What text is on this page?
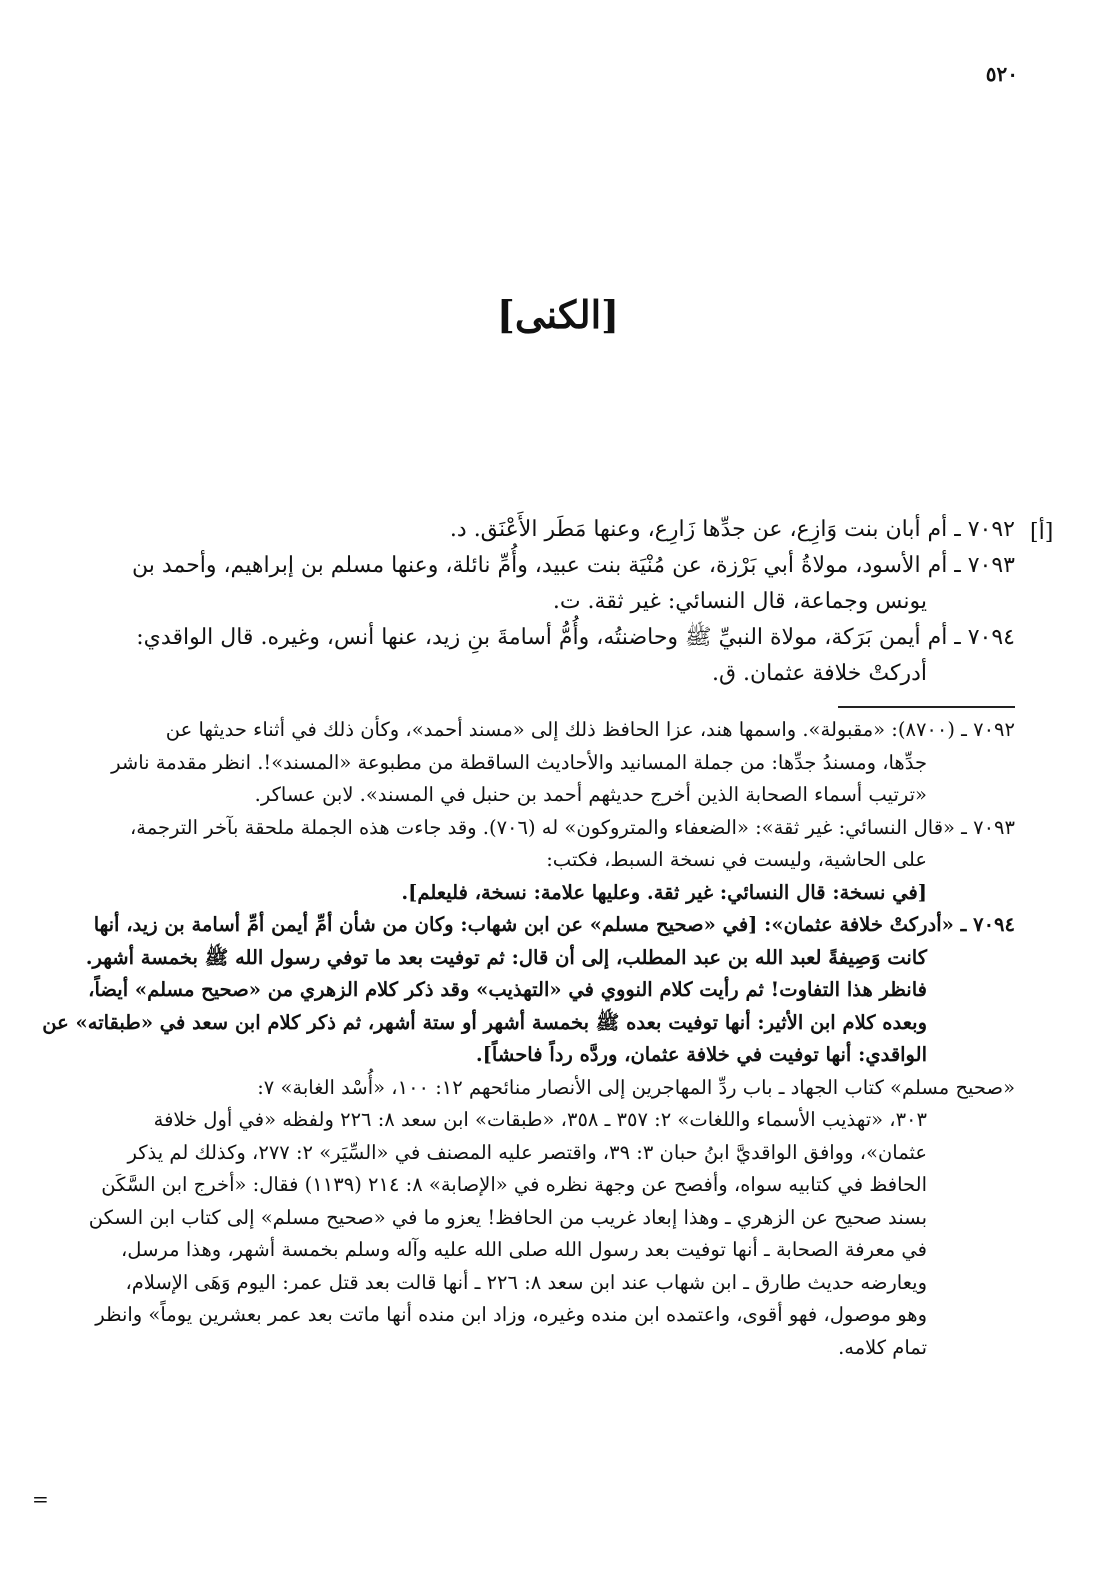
٥٢٠
[الكنى]
[أ]

٧٠٩٢ ـ أم أبان بنت وَازِع، عن جدِّها زَارِع، وعنها مَطَر الأَعْنَق. د.

٧٠٩٣ ـ أم الأسود، مولاةُ أبي بَرْزة، عن مُنْيَة بنت عبيد، وأُمِّ نائلة، وعنها مسلم بن إبراهيم، وأحمد بن

يونس وجماعة، قال النسائي: غير ثقة. ت.

٧٠٩٤ ـ أم أيمن بَرَكة، مولاة النبيِّ ﷺ وحاضنتُه، وأُمُّ أسامةَ بنِ زيد، عنها أنس، وغيره. قال الواقدي:

أدركتْ خلافة عثمان. ق.

٧٠٩٢ ـ (٨٧٠٠): «مقبولة». واسمها هند، عزا الحافظ ذلك إلى «مسند أحمد»، وكأن ذلك في أثناء حديثها عن

جدِّها، ومسندُ جدِّها: من جملة المسانيد والأحاديث الساقطة من مطبوعة «المسند»!. انظر مقدمة ناشر

«ترتيب أسماء الصحابة الذين أخرج حديثهم أحمد بن حنبل في المسند». لابن عساكر.

٧٠٩٣ ـ «قال النسائي: غير ثقة»: «الضعفاء والمتروكون» له (٧٠٦). وقد جاءت هذه الجملة ملحقة بآخر الترجمة،

على الحاشية، وليست في نسخة السبط، فكتب:

[في نسخة: قال النسائي: غير ثقة. وعليها علامة: نسخة، فليعلم].

٧٠٩٤ ـ «أدركتْ خلافة عثمان»: [في «صحيح مسلم» عن ابن شهاب: وكان من شأن أمِّ أيمن أمِّ أسامة بن زيد، أنها

كانت وَصِيفةً لعبد الله بن عبد المطلب، إلى أن قال: ثم توفيت بعد ما توفي رسول الله ﷺ بخمسة أشهر.

فانظر هذا التفاوت! ثم رأيت كلام النووي في «التهذيب» وقد ذكر كلام الزهري من «صحيح مسلم» أيضاً،

وبعده كلام ابن الأثير: أنها توفيت بعده ﷺ بخمسة أشهر أو ستة أشهر، ثم ذكر كلام ابن سعد في «طبقاته» عن

الواقدي: أنها توفيت في خلافة عثمان، وردَّه رداً فاحشاً].

«صحيح مسلم» كتاب الجهاد ـ باب ردِّ المهاجرين إلى الأنصار منائحهم ١٢: ١٠٠، «أُسْد الغابة» ٧:

٣٠٣، «تهذيب الأسماء واللغات» ٢: ٣٥٧ ـ ٣٥٨، «طبقات» ابن سعد ٨: ٢٢٦ ولفظه «في أول خلافة

عثمان»، ووافق الواقديَّ ابنُ حبان ٣: ٣٩، واقتصر عليه المصنف في «السِّيَر» ٢: ٢٧٧، وكذلك لم يذكر

الحافظ في كتابيه سواه، وأفصح عن وجهة نظره في «الإصابة» ٨: ٢١٤ (١١٣٩) فقال: «أخرج ابن السَّكَن

بسند صحيح عن الزهري ـ وهذا إبعاد غريب من الحافظ! يعزو ما في «صحيح مسلم» إلى كتاب ابن السكن

في معرفة الصحابة ـ أنها توفيت بعد رسول الله صلى الله عليه وآله وسلم بخمسة أشهر، وهذا مرسل،

ويعارضه حديث طارق ـ ابن شهاب عند ابن سعد ٨: ٢٢٦ ـ أنها قالت بعد قتل عمر: اليوم وَهَى الإسلام،

وهو موصول، فهو أقوى، واعتمده ابن منده وغيره، وزاد ابن منده أنها ماتت بعد عمر بعشرين يوماً» وانظر

تمام كلامه.

=
